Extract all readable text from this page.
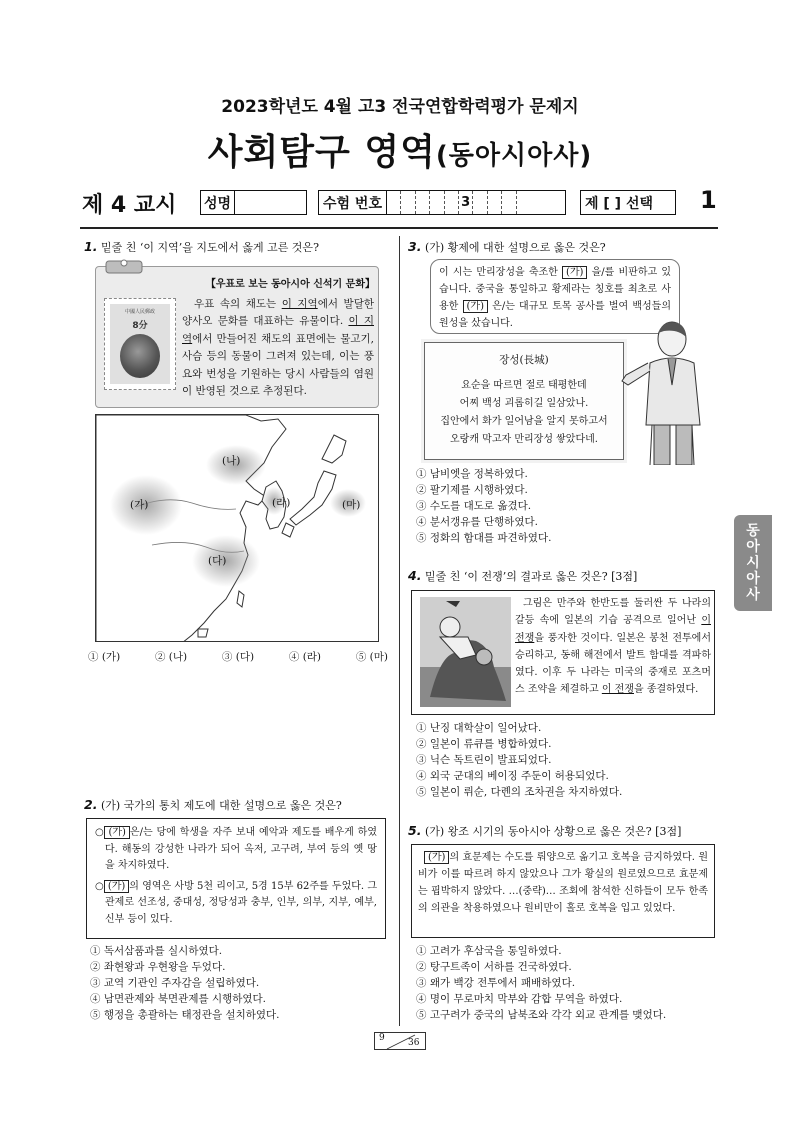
2023학년도 4월 고3 전국연합학력평가 문제지
사회탐구 영역(동아시아사)
제 4 교시 성명	수험 번호	3	제 [ ] 선택 1
1. 밑줄 친 ‘이 지역’을 지도에서 옳게 고른 것은?
中國人民郵政
8分
【우표로 보는 동아시아 신석기 문화】
우표 속의 채도는 이 지역에서 발달한 양사오 문화를 대표하는 유물이다. 이 지역에서 만들어진 채도의 표면에는 물고기, 사슴 등의 동물이 그려져 있는데, 이는 풍요와 번성을 기원하는 당시 사람들의 염원이 반영된 것으로 추정된다.
(가)
(나)
(다)
(라)	(마)
① (가)	② (나)	③ (다)	④ (라)	⑤ (마)
2. (가) 국가의 통치 제도에 대한 설명으로 옳은 것은?

○ (가) 은/는 당에 학생을 자주 보내 예악과 제도를 배우게 하였다. 해동의 강성한 나라가 되어 옥저, 고구려, 부여 등의 옛 땅을 차지하였다.

○ (가) 의 영역은 사방 5천 리이고, 5경 15부 62주를 두었다. 그 관제로 선조성, 중대성, 정당성과 충부, 인부, 의부, 지부, 예부, 신부 등이 있다.

① 독서삼품과를 실시하였다.
② 좌현왕과 우현왕을 두었다.
③ 교역 기관인 주자감을 설립하였다.
④ 남면관제와 북면관제를 시행하였다.
⑤ 행정을 총괄하는 태정관을 설치하였다.
3. (가) 황제에 대한 설명으로 옳은 것은?
이 시는 만리장성을 축조한 (가) 을/를 비판하고 있습니다. 중국을 통일하고 황제라는 칭호를 최초로 사용한 (가) 은/는 대규모 토목 공사를 벌여 백성들의 원성을 샀습니다.
장성(長城)
요순을 따르면 절로 태평한데
어찌 백성 괴롭히길 일삼았나.
집안에서 화가 일어남을 알지 못하고서
오랑캐 막고자 만리장성 쌓았다네.
① 남비엣을 정복하였다.
② 팔기제를 시행하였다.
③ 수도를 대도로 옮겼다.
④ 분서갱유를 단행하였다.
⑤ 정화의 함대를 파견하였다.
4. 밑줄 친 ‘이 전쟁’의 결과로 옳은 것은? [3점]
그림은 만주와 한반도를 둘러싼 두 나라의 갈등 속에 일본의 기습 공격으로 일어난 이 전쟁을 풍자한 것이다. 일본은 봉천 전투에서 승리하고, 동해 해전에서 발트 함대를 격파하였다. 이후 두 나라는 미국의 중재로 포츠머스 조약을 체결하고 이 전쟁을 종결하였다.
① 난징 대학살이 일어났다.
② 일본이 류큐를 병합하였다.
③ 닉슨 독트린이 발표되었다.
④ 외국 군대의 베이징 주둔이 허용되었다.
⑤ 일본이 뤼순, 다롄의 조차권을 차지하였다.
5. (가) 왕조 시기의 동아시아 상황으로 옳은 것은? [3점]
(가) 의 효문제는 수도를 뤄양으로 옮기고 호복을 금지하였다. 원비가 이를 따르려 하지 않았으나 그가 황실의 원로였으므로 효문제는 핍박하지 않았다. …(중략)… 조회에 참석한 신하들이 모두 한족의 의관을 착용하였으나 원비만이 홀로 호복을 입고 있었다.
① 고려가 후삼국을 통일하였다.
② 탕구트족이 서하를 건국하였다.
③ 왜가 백강 전투에서 패배하였다.
④ 명이 무로마치 막부와 감합 무역을 하였다.
⑤ 고구려가 중국의 남북조와 각각 외교 관계를 맺었다.
동
아
시
아
사
9	36
